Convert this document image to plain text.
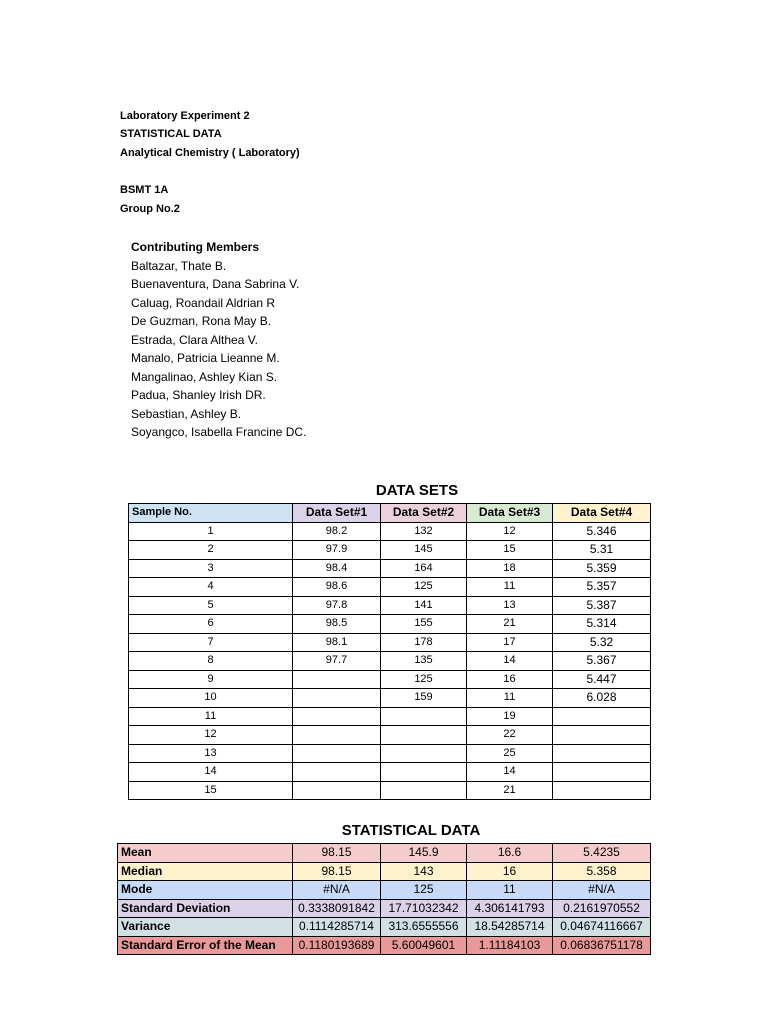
Laboratory Experiment 2
STATISTICAL DATA
Analytical Chemistry ( Laboratory)
BSMT 1A
Group No.2
Contributing Members
Baltazar, Thate B.
Buenaventura, Dana Sabrina V.
Caluag, Roandail Aldrian R
De Guzman, Rona May B.
Estrada, Clara Althea V.
Manalo, Patricia Lieanne M.
Mangalinao, Ashley Kian S.
Padua, Shanley Irish DR.
Sebastian, Ashley B.
Soyangco, Isabella Francine DC.
DATA SETS
Sample No.	Data Set#1	Data Set#2	Data Set#3	Data Set#4
1	98.2	132	12	5.346
2	97.9	145	15	5.31
3	98.4	164	18	5.359
4	98.6	125	11	5.357
5	97.8	141	13	5.387
6	98.5	155	21	5.314
7	98.1	178	17	5.32
8	97.7	135	14	5.367
9		125	16	5.447
10		159	11	6.028
11			19	
12			22	
13			25	
14			14	
15			21	
STATISTICAL DATA
Mean	98.15	145.9	16.6	5.4235
Median	98.15	143	16	5.358
Mode	#N/A	125	11	#N/A
Standard Deviation	0.3338091842	17.71032342	4.306141793	0.2161970552
Variance	0.1114285714	313.6555556	18.54285714	0.04674116667
Standard Error of the Mean	0.1180193689	5.60049601	1.11184103	0.06836751178
